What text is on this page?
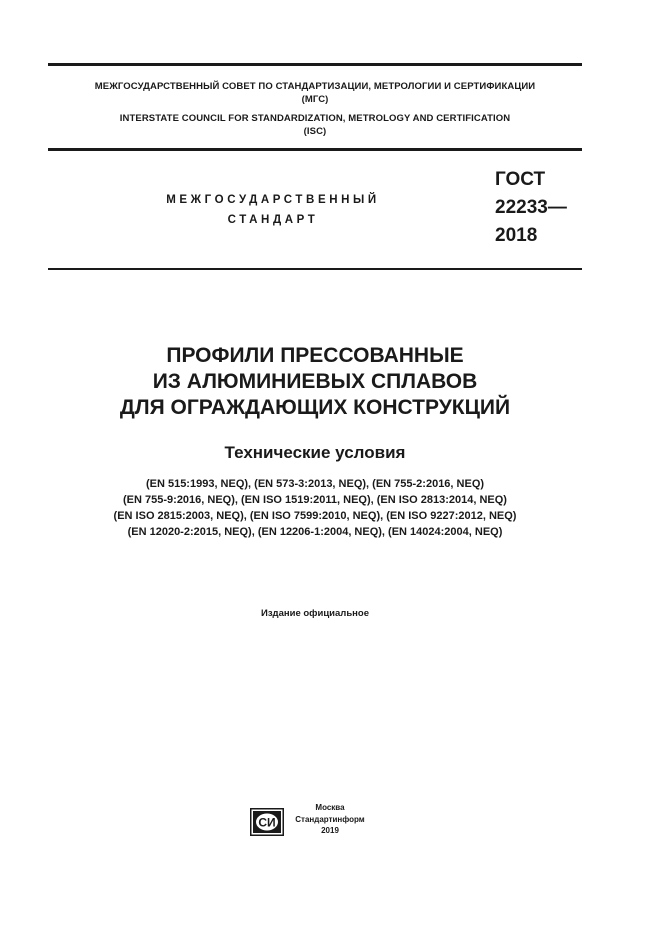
МЕЖГОСУДАРСТВЕННЫЙ СОВЕТ ПО СТАНДАРТИЗАЦИИ, МЕТРОЛОГИИ И СЕРТИФИКАЦИИ
(МГС)
INTERSTATE COUNCIL FOR STANDARDIZATION, METROLOGY AND CERTIFICATION
(ISC)
МЕЖГОСУДАРСТВЕННЫЙ
СТАНДАРТ
ГОСТ
22233—
2018
ПРОФИЛИ ПРЕССОВАННЫЕ
ИЗ АЛЮМИНИЕВЫХ СПЛАВОВ
ДЛЯ ОГРАЖДАЮЩИХ КОНСТРУКЦИЙ
Технические условия
(EN 515:1993, NEQ), (EN 573-3:2013, NEQ), (EN 755-2:2016, NEQ)
(EN 755-9:2016, NEQ), (EN ISO 1519:2011, NEQ), (EN ISO 2813:2014, NEQ)
(EN ISO 2815:2003, NEQ), (EN ISO 7599:2010, NEQ), (EN ISO 9227:2012, NEQ)
(EN 12020-2:2015, NEQ), (EN 12206-1:2004, NEQ), (EN 14024:2004, NEQ)
Издание официальное
СИ
Москва
Стандартинформ
2019
